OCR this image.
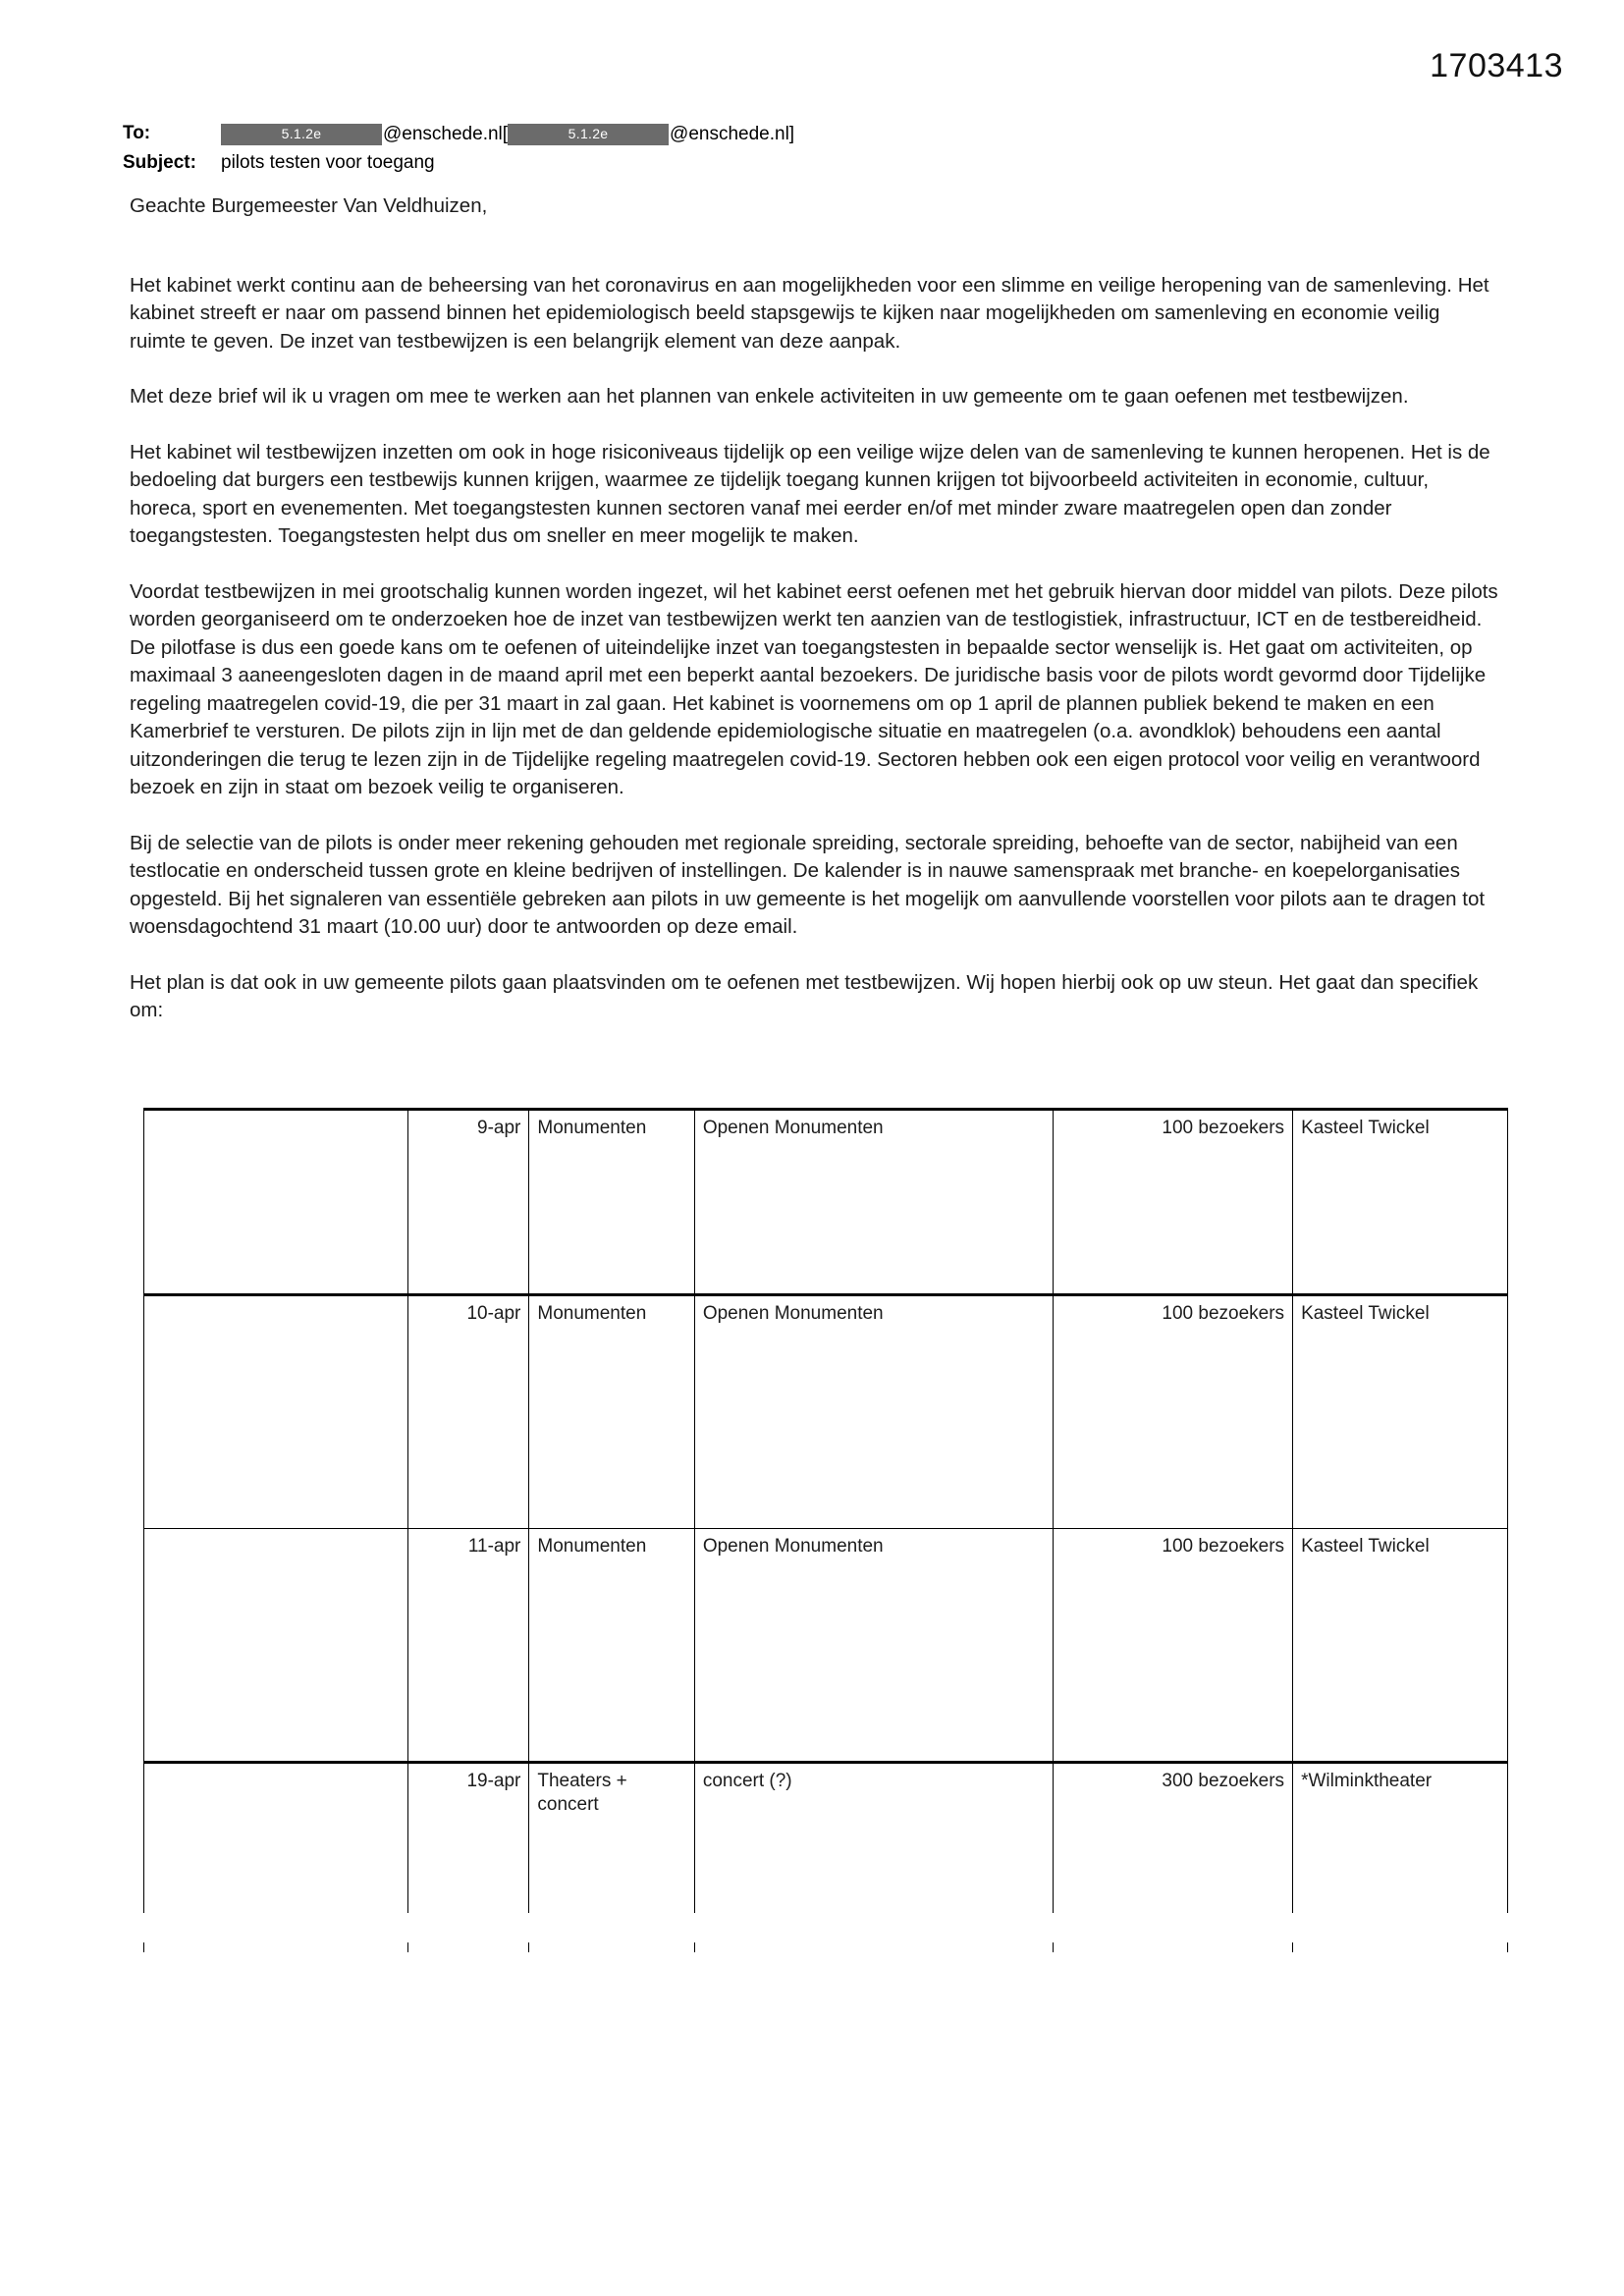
1703413
To:	5.1.2e	@enschede.nl[	5.1.2e	@enschede.nl]
Subject:	pilots testen voor toegang

Geachte Burgemeester Van Veldhuizen,

Het kabinet werkt continu aan de beheersing van het coronavirus en aan mogelijkheden voor een slimme en veilige heropening van de samenleving. Het kabinet streeft er naar om passend binnen het epidemiologisch beeld stapsgewijs te kijken naar mogelijkheden om samenleving en economie veilig ruimte te geven. De inzet van testbewijzen is een belangrijk element van deze aanpak.

Met deze brief wil ik u vragen om mee te werken aan het plannen van enkele activiteiten in uw gemeente om te gaan oefenen met testbewijzen.

Het kabinet wil testbewijzen inzetten om ook in hoge risiconiveaus tijdelijk op een veilige wijze delen van de samenleving te kunnen heropenen. Het is de bedoeling dat burgers een testbewijs kunnen krijgen, waarmee ze tijdelijk toegang kunnen krijgen tot bijvoorbeeld activiteiten in economie, cultuur, horeca, sport en evenementen. Met toegangstesten kunnen sectoren vanaf mei eerder en/of met minder zware maatregelen open dan zonder toegangstesten. Toegangstesten helpt dus om sneller en meer mogelijk te maken.

Voordat testbewijzen in mei grootschalig kunnen worden ingezet, wil het kabinet eerst oefenen met het gebruik hiervan door middel van pilots. Deze pilots worden georganiseerd om te onderzoeken hoe de inzet van testbewijzen werkt ten aanzien van de testlogistiek, infrastructuur, ICT en de testbereidheid. De pilotfase is dus een goede kans om te oefenen of uiteindelijke inzet van toegangstesten in bepaalde sector wenselijk is. Het gaat om activiteiten, op maximaal 3 aaneengesloten dagen in de maand april met een beperkt aantal bezoekers. De juridische basis voor de pilots wordt gevormd door Tijdelijke regeling maatregelen covid-19, die per 31 maart in zal gaan. Het kabinet is voornemens om op 1 april de plannen publiek bekend te maken en een Kamerbrief te versturen. De pilots zijn in lijn met de dan geldende epidemiologische situatie en maatregelen (o.a. avondklok) behoudens een aantal uitzonderingen die terug te lezen zijn in de Tijdelijke regeling maatregelen covid-19. Sectoren hebben ook een eigen protocol voor veilig en verantwoord bezoek en zijn in staat om bezoek veilig te organiseren.

Bij de selectie van de pilots is onder meer rekening gehouden met regionale spreiding, sectorale spreiding, behoefte van de sector, nabijheid van een testlocatie en onderscheid tussen grote en kleine bedrijven of instellingen. De kalender is in nauwe samenspraak met branche- en koepelorganisaties opgesteld. Bij het signaleren van essentiële gebreken aan pilots in uw gemeente is het mogelijk om aanvullende voorstellen voor pilots aan te dragen tot woensdagochtend 31 maart (10.00 uur) door te antwoorden op deze email.

Het plan is dat ook in uw gemeente pilots gaan plaatsvinden om te oefenen met testbewijzen. Wij hopen hierbij ook op uw steun. Het gaat dan specifiek om:

	9-apr	Monumenten	Openen Monumenten	100 bezoekers	Kasteel Twickel
	10-apr	Monumenten	Openen Monumenten	100 bezoekers	Kasteel Twickel
	11-apr	Monumenten	Openen Monumenten	100 bezoekers	Kasteel Twickel
	19-apr	Theaters + concert	concert (?)	300 bezoekers	*Wilminktheater
